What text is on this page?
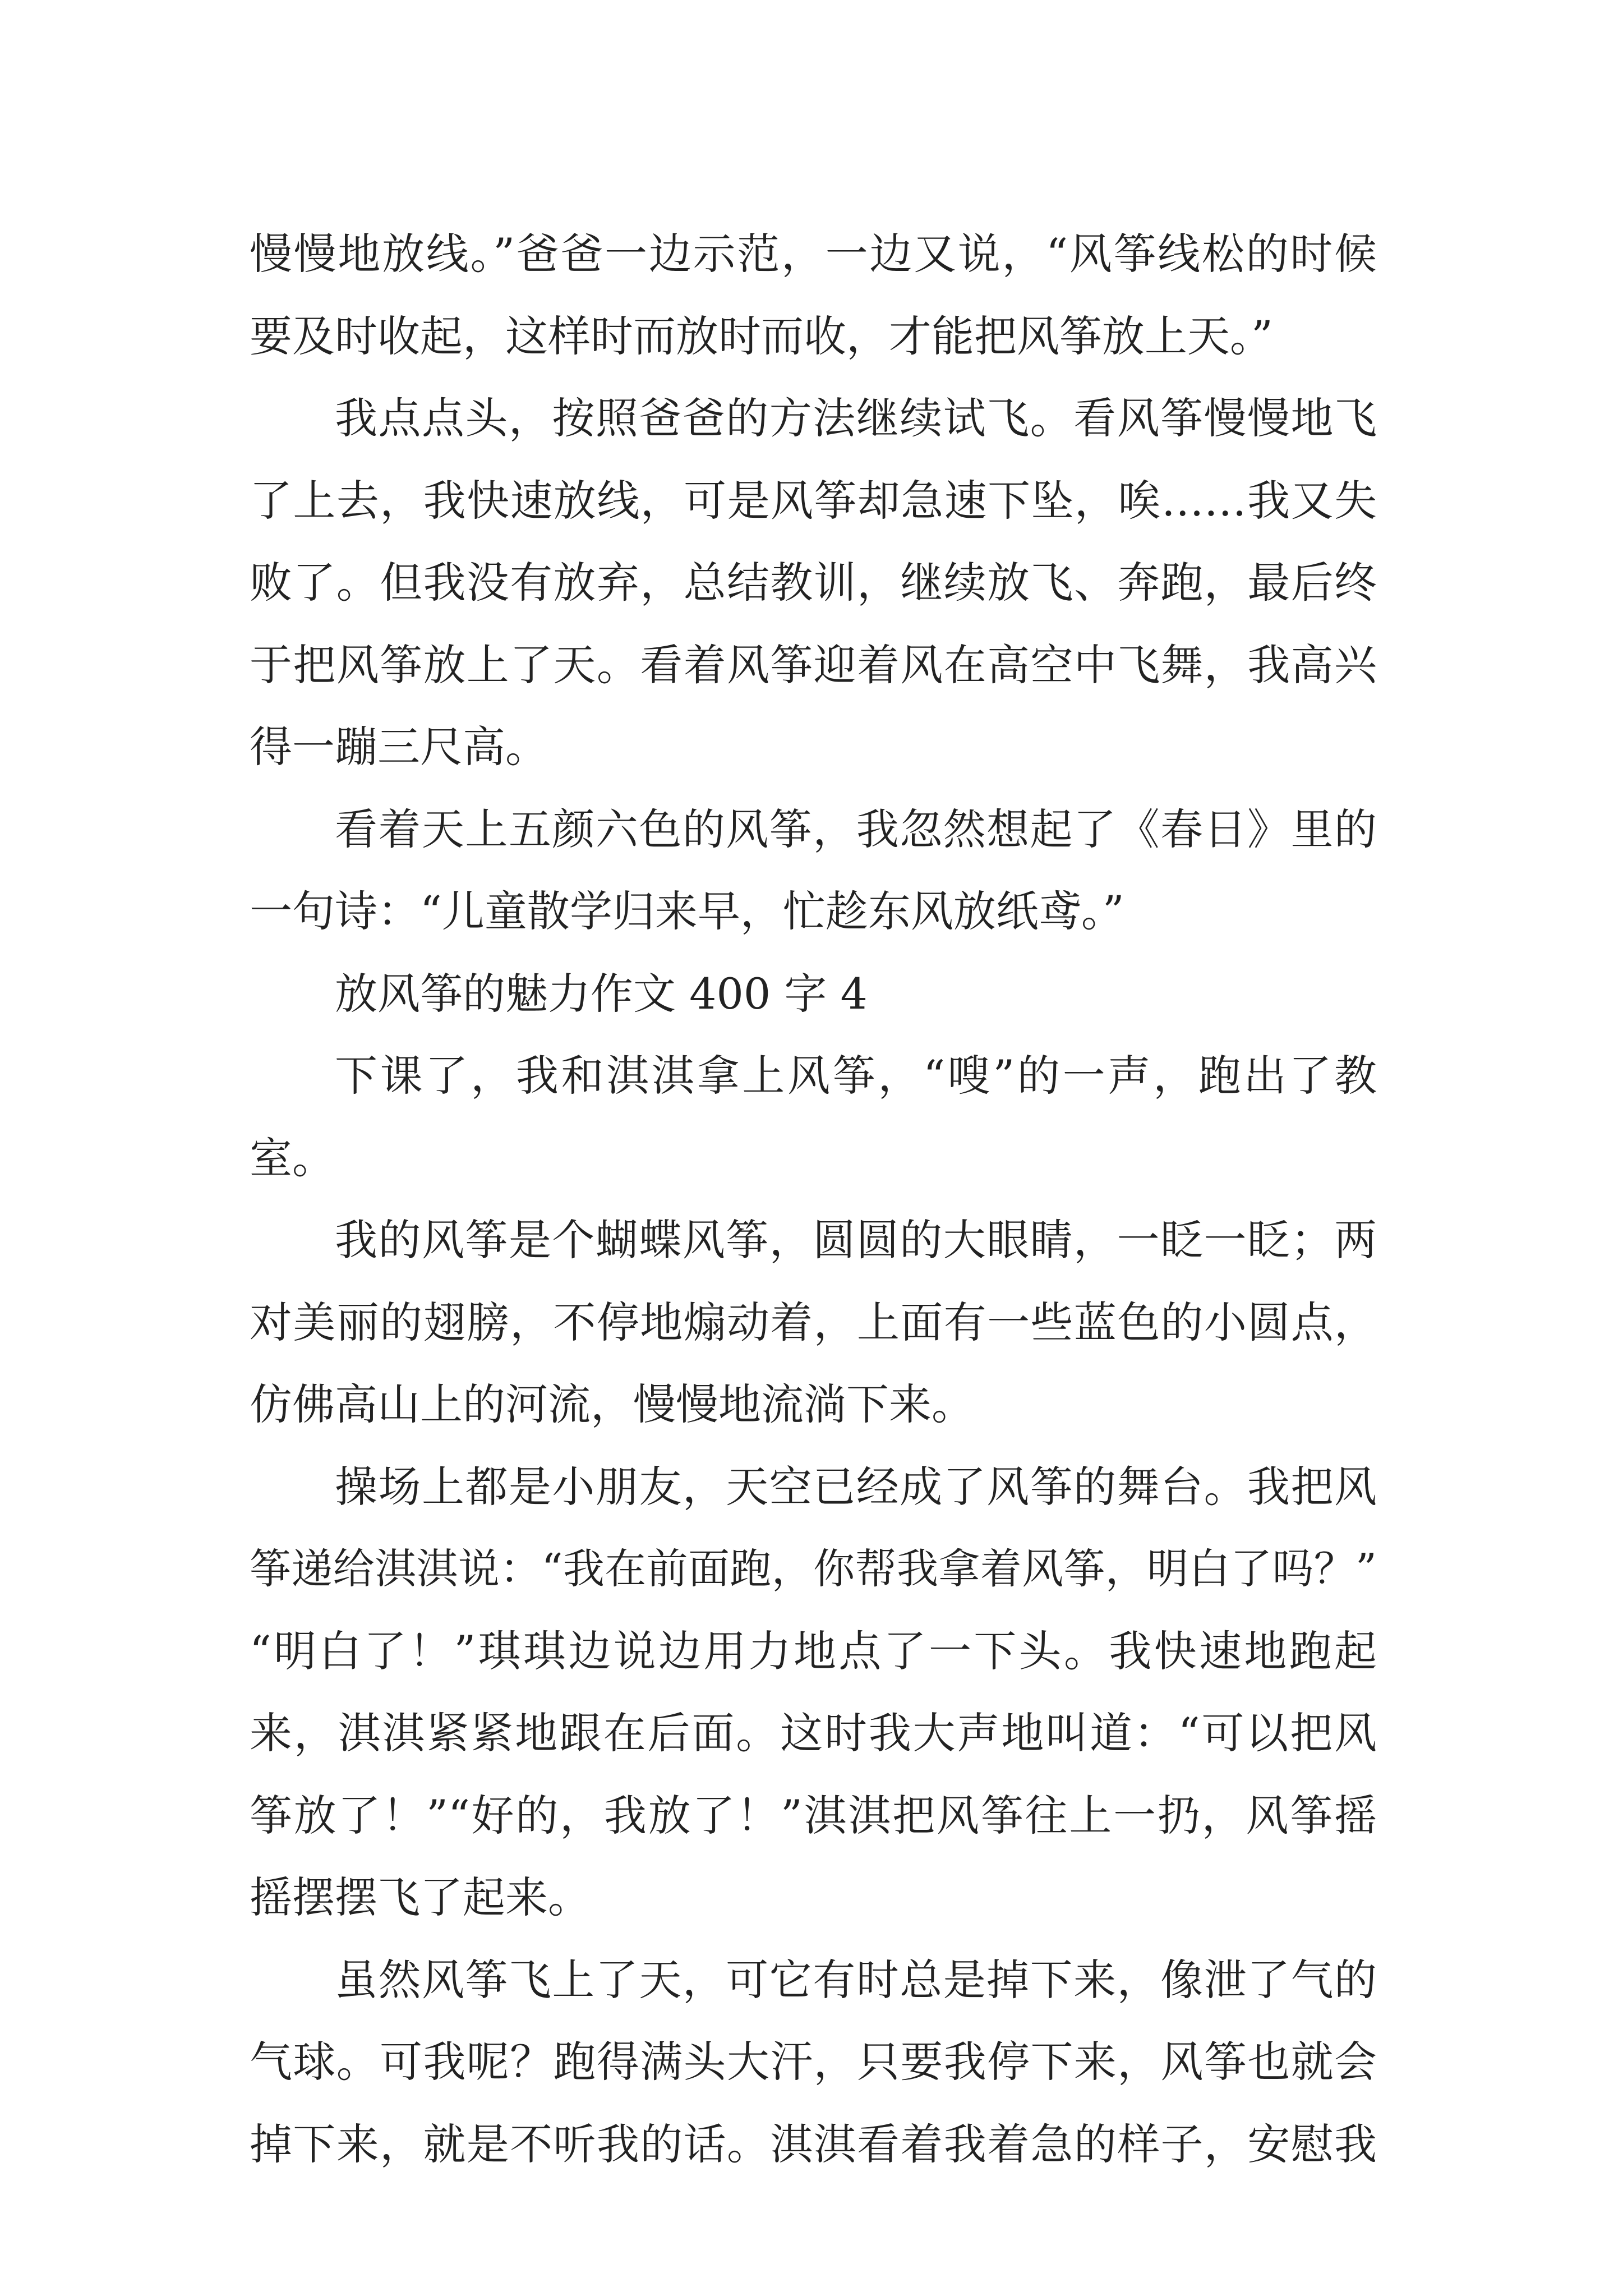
慢慢地放线。”爸爸一边示范，一边又说，“风筝线松的时候
要及时收起，这样时而放时而收，才能把风筝放上天。”
我点点头，按照爸爸的方法继续试飞。看风筝慢慢地飞
了上去，我快速放线，可是风筝却急速下坠，唉……我又失
败了。但我没有放弃，总结教训，继续放飞、奔跑，最后终
于把风筝放上了天。看着风筝迎着风在高空中飞舞，我高兴
得一蹦三尺高。
看着天上五颜六色的风筝，我忽然想起了《春日》里的
一句诗：“儿童散学归来早，忙趁东风放纸鸢。”
放风筝的魅力作文 400 字 4
下课了，我和淇淇拿上风筝，“嗖”的一声，跑出了教
室。
我的风筝是个蝴蝶风筝，圆圆的大眼睛，一眨一眨；两
对美丽的翅膀，不停地煽动着，上面有一些蓝色的小圆点，
仿佛高山上的河流，慢慢地流淌下来。
操场上都是小朋友，天空已经成了风筝的舞台。我把风
筝递给淇淇说：“我在前面跑，你帮我拿着风筝，明白了吗？”
“明白了！”琪琪边说边用力地点了一下头。我快速地跑起
来，淇淇紧紧地跟在后面。这时我大声地叫道：“可以把风
筝放了！”“好的，我放了！”淇淇把风筝往上一扔，风筝摇
摇摆摆飞了起来。
虽然风筝飞上了天，可它有时总是掉下来，像泄了气的
气球。可我呢？跑得满头大汗，只要我停下来，风筝也就会
掉下来，就是不听我的话。淇淇看着我着急的样子，安慰我
